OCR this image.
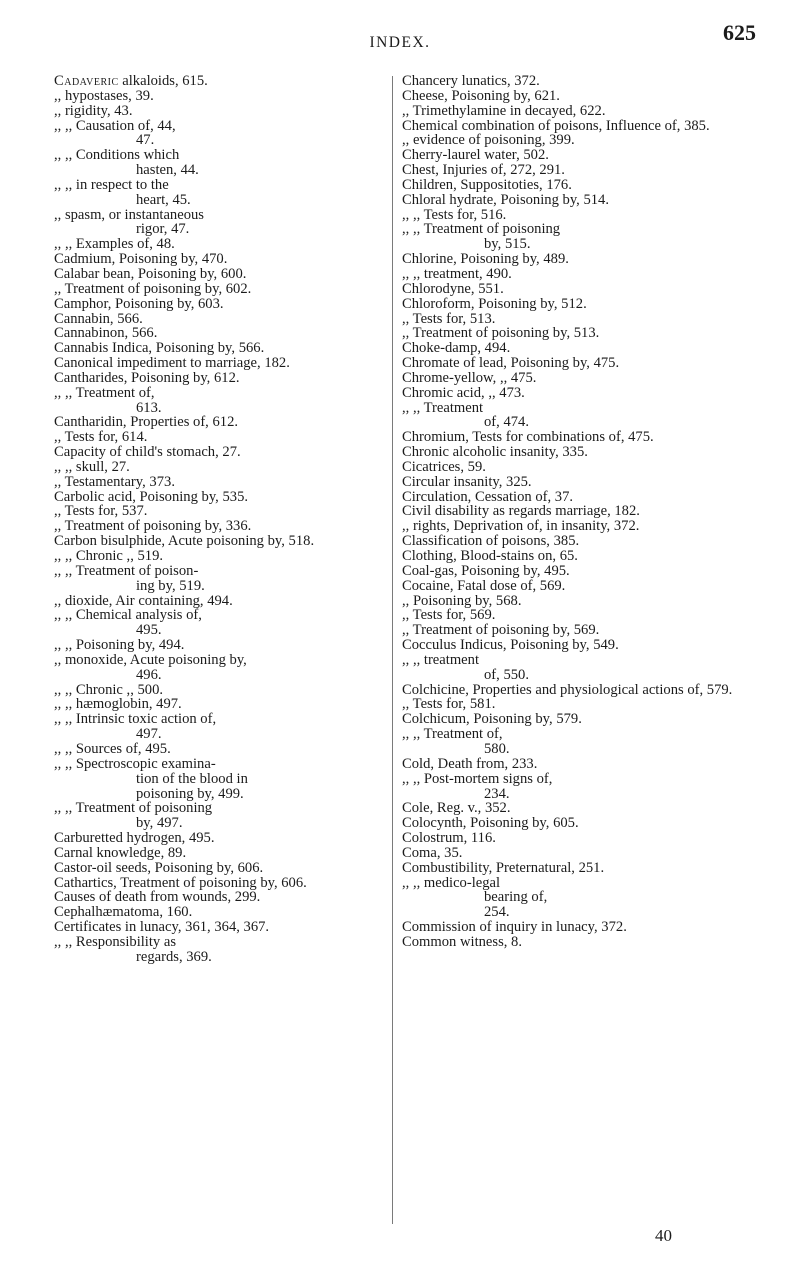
INDEX.	625
Cadaveric alkaloids, 615.
,, hypostases, 39.
,, rigidity, 43.
,, ,, Causation of, 44,
47.
,, ,, Conditions which
hasten, 44.
,, ,, in respect to the
heart, 45.
,, spasm, or instantaneous
rigor, 47.
,, ,, Examples of, 48.
Cadmium, Poisoning by, 470.
Calabar bean, Poisoning by, 600.
,, Treatment of poisoning by, 602.
Camphor, Poisoning by, 603.
Cannabin, 566.
Cannabinon, 566.
Cannabis Indica, Poisoning by, 566.
Canonical impediment to marriage, 182.
Cantharides, Poisoning by, 612.
,, ,, Treatment of,
613.
Cantharidin, Properties of, 612.
,, Tests for, 614.
Capacity of child's stomach, 27.
,, ,, skull, 27.
,, Testamentary, 373.
Carbolic acid, Poisoning by, 535.
,, Tests for, 537.
,, Treatment of poisoning by, 336.
Carbon bisulphide, Acute poisoning by, 518.
,, ,, Chronic ,, 519.
,, ,, Treatment of poison-
ing by, 519.
,, dioxide, Air containing, 494.
,, ,, Chemical analysis of,
495.
,, ,, Poisoning by, 494.
,, monoxide, Acute poisoning by,
496.
,, ,, Chronic ,, 500.
,, ,, hæmoglobin, 497.
,, ,, Intrinsic toxic action of,
497.
,, ,, Sources of, 495.
,, ,, Spectroscopic examina-
tion of the blood in
poisoning by, 499.
,, ,, Treatment of poisoning
by, 497.
Carburetted hydrogen, 495.
Carnal knowledge, 89.
Castor-oil seeds, Poisoning by, 606.
Cathartics, Treatment of poisoning by, 606.
Causes of death from wounds, 299.
Cephalhæmatoma, 160.
Certificates in lunacy, 361, 364, 367.
,, ,, Responsibility as
regards, 369.
Chancery lunatics, 372.
Cheese, Poisoning by, 621.
,, Trimethylamine in decayed, 622.
Chemical combination of poisons, Influence of, 385.
,, evidence of poisoning, 399.
Cherry-laurel water, 502.
Chest, Injuries of, 272, 291.
Children, Suppositoties, 176.
Chloral hydrate, Poisoning by, 514.
,, ,, Tests for, 516.
,, ,, Treatment of poisoning
by, 515.
Chlorine, Poisoning by, 489.
,, ,, treatment, 490.
Chlorodyne, 551.
Chloroform, Poisoning by, 512.
,, Tests for, 513.
,, Treatment of poisoning by, 513.
Choke-damp, 494.
Chromate of lead, Poisoning by, 475.
Chrome-yellow, ,, 475.
Chromic acid, ,, 473.
,, ,, Treatment
of, 474.
Chromium, Tests for combinations of, 475.
Chronic alcoholic insanity, 335.
Cicatrices, 59.
Circular insanity, 325.
Circulation, Cessation of, 37.
Civil disability as regards marriage, 182.
,, rights, Deprivation of, in insanity, 372.
Classification of poisons, 385.
Clothing, Blood-stains on, 65.
Coal-gas, Poisoning by, 495.
Cocaine, Fatal dose of, 569.
,, Poisoning by, 568.
,, Tests for, 569.
,, Treatment of poisoning by, 569.
Cocculus Indicus, Poisoning by, 549.
,, ,, treatment
of, 550.
Colchicine, Properties and physiological actions of, 579.
,, Tests for, 581.
Colchicum, Poisoning by, 579.
,, ,, Treatment of,
580.
Cold, Death from, 233.
,, ,, Post-mortem signs of,
234.
Cole, Reg. v., 352.
Colocynth, Poisoning by, 605.
Colostrum, 116.
Coma, 35.
Combustibility, Preternatural, 251.
,, ,, medico-legal
bearing of,
254.
Commission of inquiry in lunacy, 372.
Common witness, 8.
40
